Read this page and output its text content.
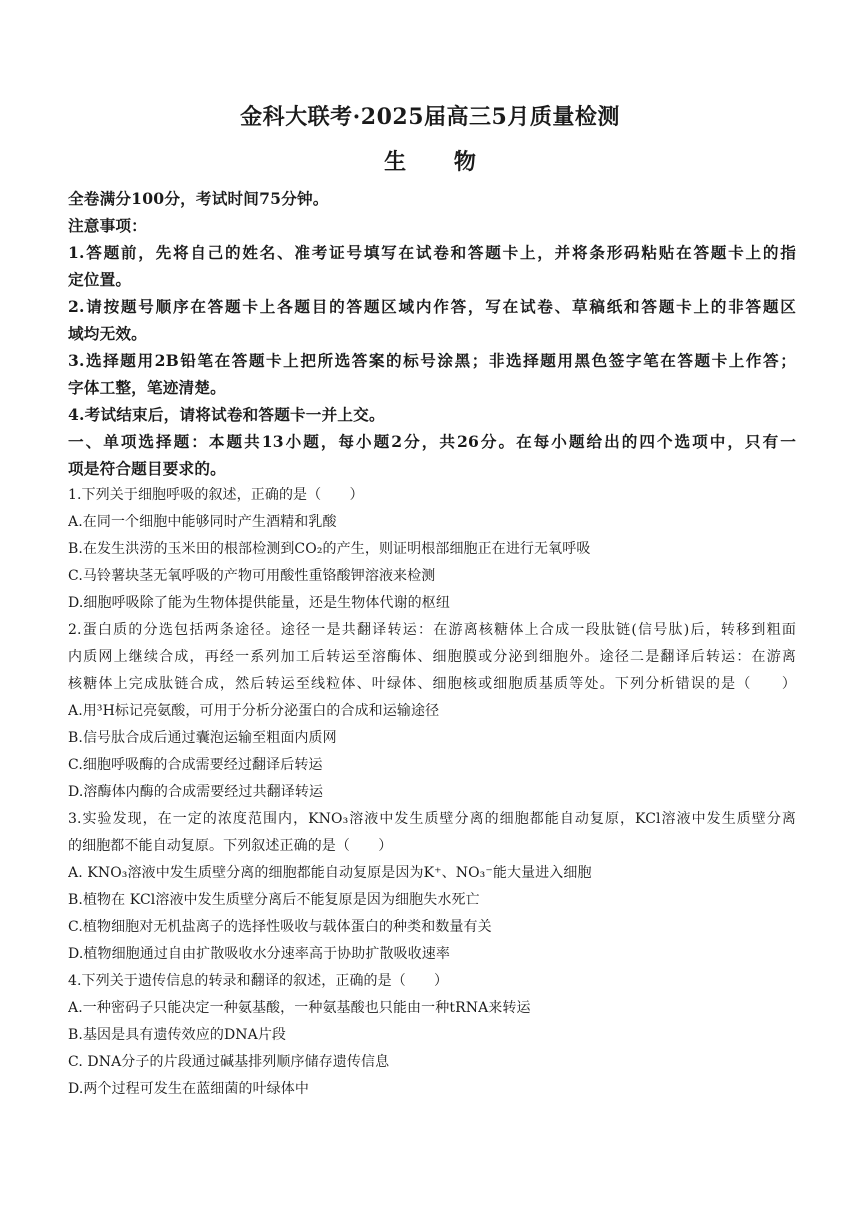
金科大联考·2025届高三5月质量检测
生 物
全卷满分100分，考试时间75分钟。
注意事项：
1.答题前，先将自己的姓名、准考证号填写在试卷和答题卡上，并将条形码粘贴在答题卡上的指
定位置。
2.请按题号顺序在答题卡上各题目的答题区域内作答，写在试卷、草稿纸和答题卡上的非答题区
域均无效。
3.选择题用2B铅笔在答题卡上把所选答案的标号涂黑；非选择题用黑色签字笔在答题卡上作答；
字体工整，笔迹清楚。
4.考试结束后，请将试卷和答题卡一并上交。
一、单项选择题：本题共13小题，每小题2分，共26分。在每小题给出的四个选项中，只有一
项是符合题目要求的。
1.下列关于细胞呼吸的叙述，正确的是（　　）
A.在同一个细胞中能够同时产生酒精和乳酸
B.在发生洪涝的玉米田的根部检测到CO₂的产生，则证明根部细胞正在进行无氧呼吸
C.马铃薯块茎无氧呼吸的产物可用酸性重铬酸钾溶液来检测
D.细胞呼吸除了能为生物体提供能量，还是生物体代谢的枢纽
2.蛋白质的分选包括两条途径。途径一是共翻译转运：在游离核糖体上合成一段肽链(信号肽)后，转移到粗面
内质网上继续合成，再经一系列加工后转运至溶酶体、细胞膜或分泌到细胞外。途径二是翻译后转运：在游离
核糖体上完成肽链合成，然后转运至线粒体、叶绿体、细胞核或细胞质基质等处。下列分析错误的是（　　）
A.用³H标记亮氨酸，可用于分析分泌蛋白的合成和运输途径
B.信号肽合成后通过囊泡运输至粗面内质网
C.细胞呼吸酶的合成需要经过翻译后转运
D.溶酶体内酶的合成需要经过共翻译转运
3.实验发现，在一定的浓度范围内，KNO₃溶液中发生质壁分离的细胞都能自动复原，KCl溶液中发生质壁分离
的细胞都不能自动复原。下列叙述正确的是（　　）
A. KNO₃溶液中发生质壁分离的细胞都能自动复原是因为K⁺、NO₃⁻能大量进入细胞
B.植物在 KCl溶液中发生质壁分离后不能复原是因为细胞失水死亡
C.植物细胞对无机盐离子的选择性吸收与载体蛋白的种类和数量有关
D.植物细胞通过自由扩散吸收水分速率高于协助扩散吸收速率
4.下列关于遗传信息的转录和翻译的叙述，正确的是（　　）
A.一种密码子只能决定一种氨基酸，一种氨基酸也只能由一种tRNA来转运
B.基因是具有遗传效应的DNA片段
C. DNA分子的片段通过碱基排列顺序储存遗传信息
D.两个过程可发生在蓝细菌的叶绿体中
